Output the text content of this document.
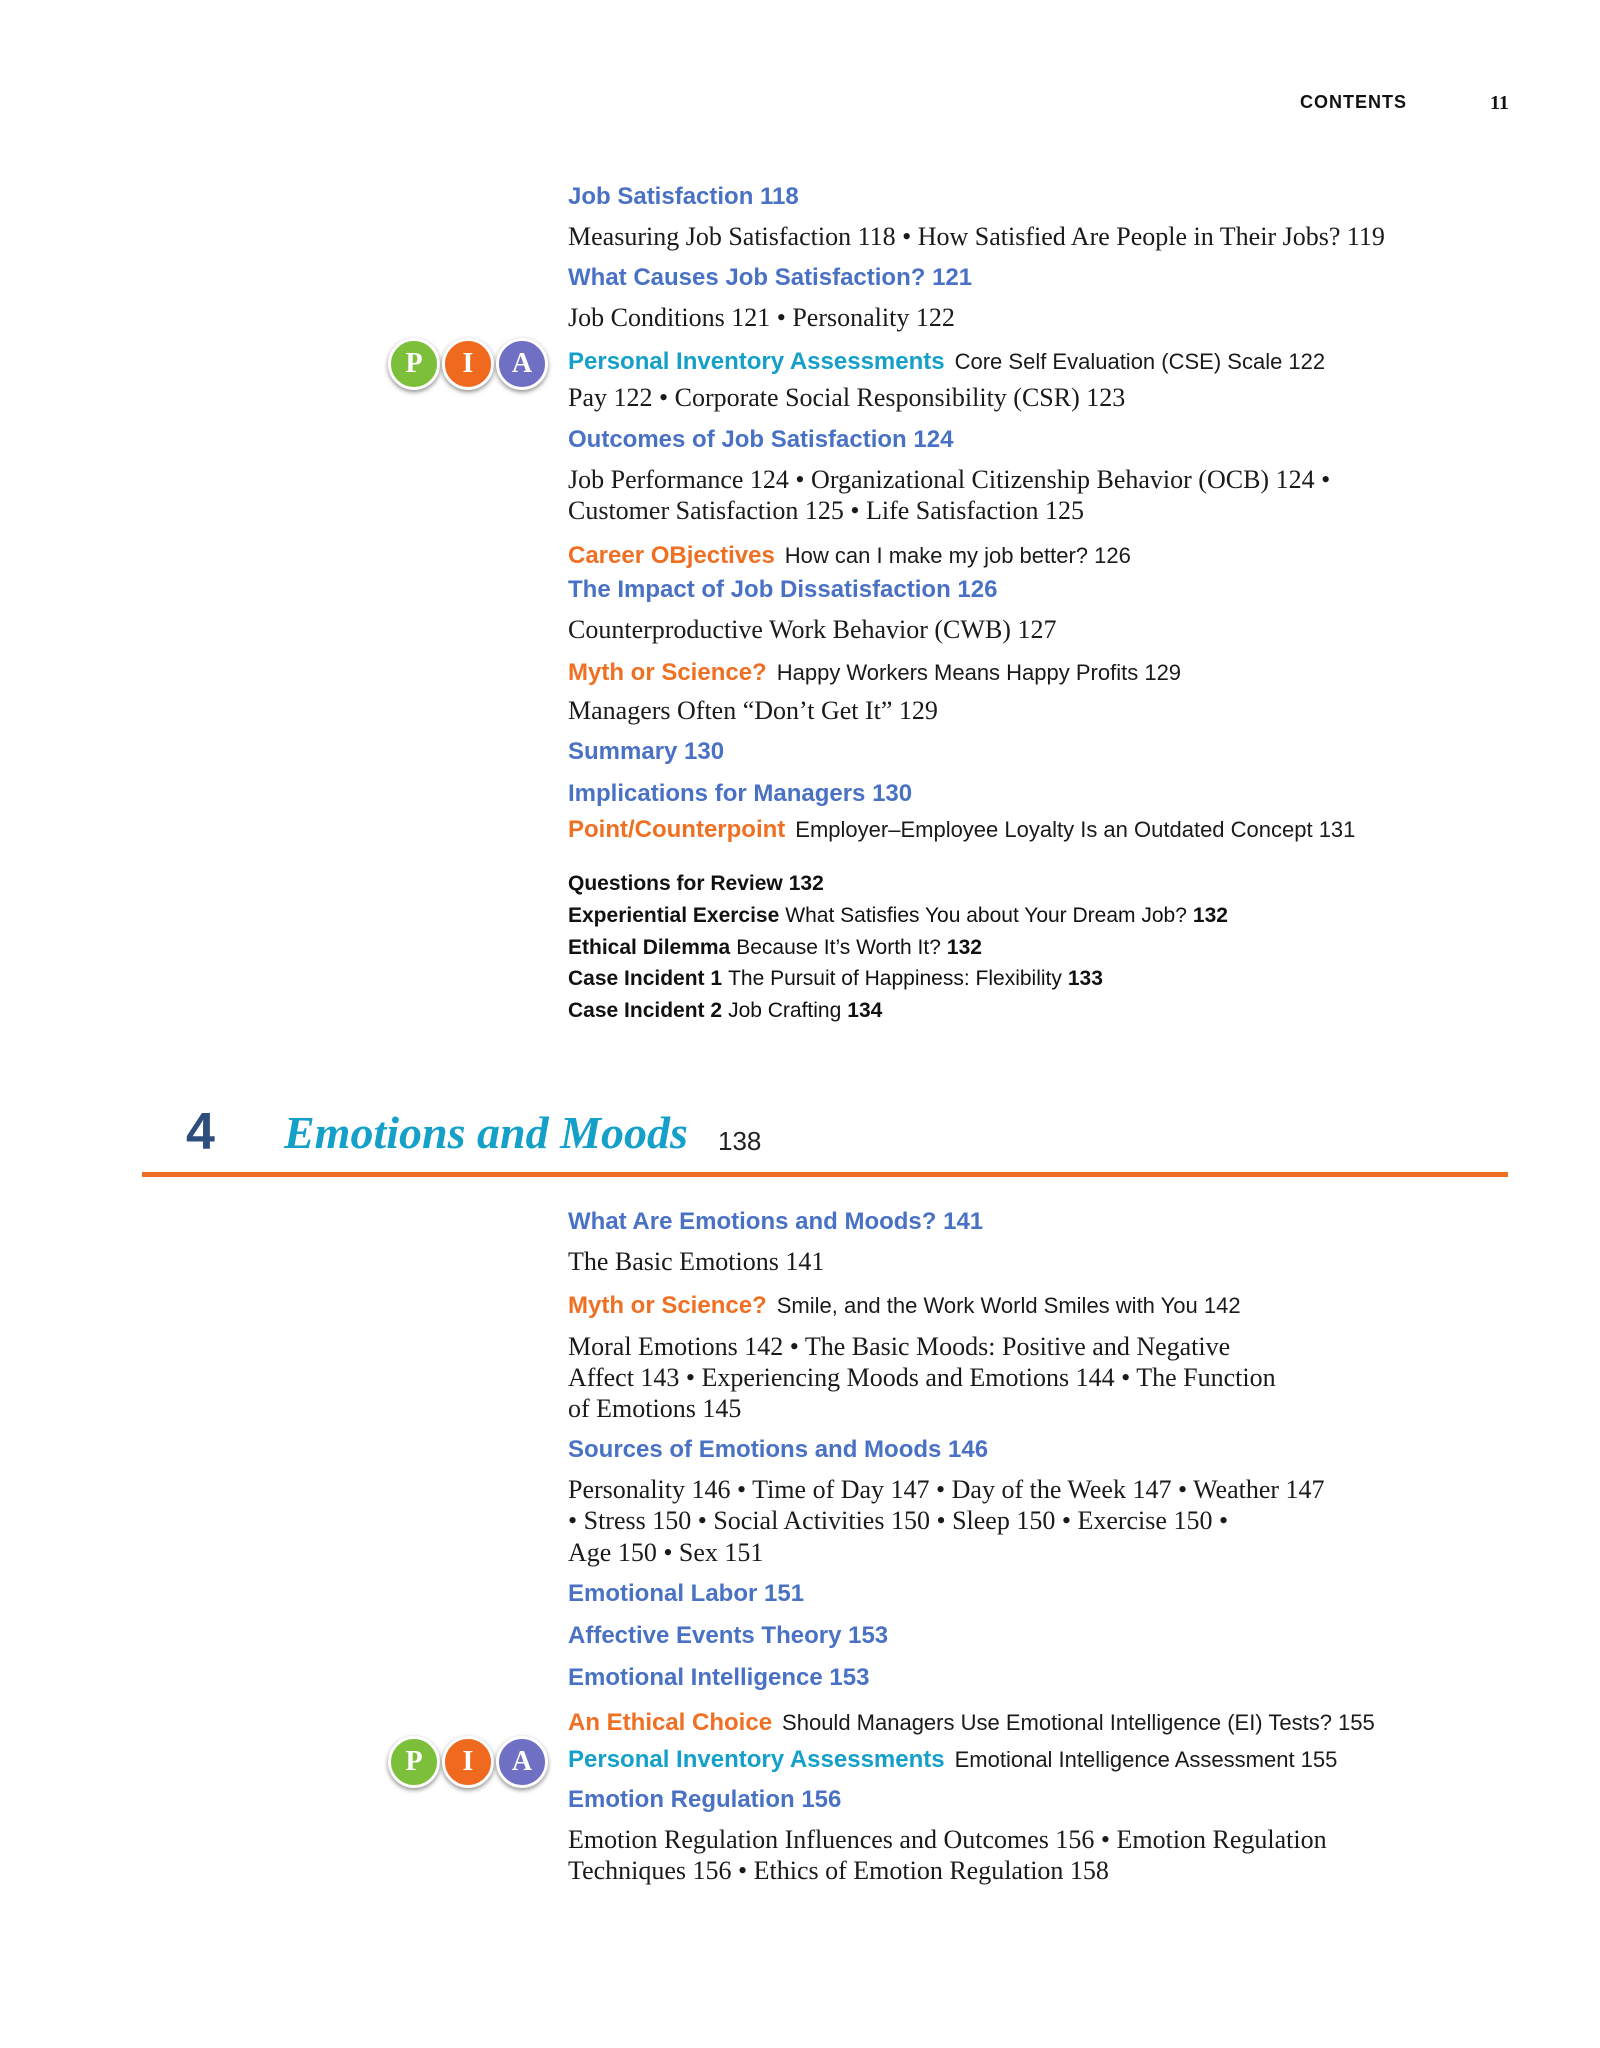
CONTENTS	11
P	I	A
Job Satisfaction 118
Measuring Job Satisfaction 118 • How Satisfied Are People in Their Jobs? 119
What Causes Job Satisfaction? 121
Job Conditions 121 • Personality 122
Personal Inventory Assessments Core Self Evaluation (CSE) Scale 122
Pay 122 • Corporate Social Responsibility (CSR) 123
Outcomes of Job Satisfaction 124
Job Performance 124 • Organizational Citizenship Behavior (OCB) 124 •
Customer Satisfaction 125 • Life Satisfaction 125
Career OBjectives How can I make my job better? 126
The Impact of Job Dissatisfaction 126
Counterproductive Work Behavior (CWB) 127
Myth or Science? Happy Workers Means Happy Profits 129
Managers Often “Don’t Get It” 129
Summary 130
Implications for Managers 130
Point/Counterpoint Employer–Employee Loyalty Is an Outdated Concept 131
Questions for Review 132
Experiential Exercise What Satisfies You about Your Dream Job? 132
Ethical Dilemma Because It’s Worth It? 132
Case Incident 1 The Pursuit of Happiness: Flexibility 133
Case Incident 2 Job Crafting 134
4 Emotions and Moods 138
P	I	A
What Are Emotions and Moods? 141
The Basic Emotions 141
Myth or Science? Smile, and the Work World Smiles with You 142
Moral Emotions 142 • The Basic Moods: Positive and Negative
Affect 143 • Experiencing Moods and Emotions 144 • The Function
of Emotions 145
Sources of Emotions and Moods 146
Personality 146 • Time of Day 147 • Day of the Week 147 • Weather 147
• Stress 150 • Social Activities 150 • Sleep 150 • Exercise 150 •
Age 150 • Sex 151
Emotional Labor 151
Affective Events Theory 153
Emotional Intelligence 153
An Ethical Choice Should Managers Use Emotional Intelligence (EI) Tests? 155
Personal Inventory Assessments Emotional Intelligence Assessment 155
Emotion Regulation 156
Emotion Regulation Influences and Outcomes 156 • Emotion Regulation
Techniques 156 • Ethics of Emotion Regulation 158
